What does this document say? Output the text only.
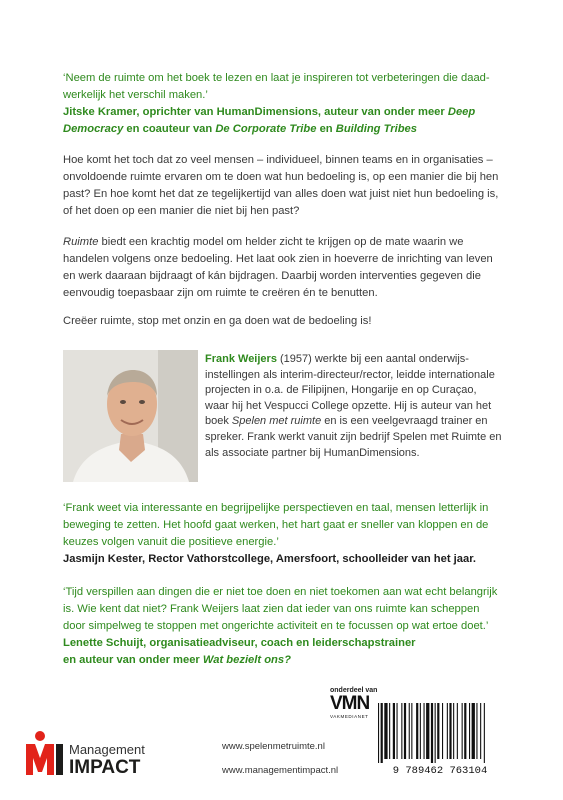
‘Neem de ruimte om het boek te lezen en laat je inspireren tot verbeteringen die daad-werkelijk het verschil maken.’
Jitske Kramer, oprichter van HumanDimensions, auteur van onder meer Deep Democracy en coauteur van De Corporate Tribe en Building Tribes
Hoe komt het toch dat zo veel mensen – individueel, binnen teams en in organisaties – onvoldoende ruimte ervaren om te doen wat hun bedoeling is, op een manier die bij hen past? En hoe komt het dat ze tegelijkertijd van alles doen wat juist niet hun bedoeling is, of het doen op een manier die niet bij hen past?
Ruimte biedt een krachtig model om helder zicht te krijgen op de mate waarin we handelen volgens onze bedoeling. Het laat ook zien in hoeverre de inrichting van leven en werk daaraan bijdraagt of kán bijdragen. Daarbij worden interventies gegeven die eenvoudig toepasbaar zijn om ruimte te creëren én te benutten.
Creëer ruimte, stop met onzin en ga doen wat de bedoeling is!
Frank Weijers (1957) werkte bij een aantal onderwijs-instellingen als interim-directeur/rector, leidde internationale projecten in o.a. de Filipijnen, Hongarije en op Curaçao, waar hij het Vespucci College opzette. Hij is auteur van het boek Spelen met ruimte en is een veelgevraagd trainer en spreker. Frank werkt vanuit zijn bedrijf Spelen met Ruimte en als associate partner bij HumanDimensions.
‘Frank weet via interessante en begrijpelijke perspectieven en taal, mensen letterlijk in beweging te zetten. Het hoofd gaat werken, het hart gaat er sneller van kloppen en de keuzes volgen vanuit die positieve energie.’
Jasmijn Kester, Rector Vathorstcollege, Amersfoort, schoolleider van het jaar.
‘Tijd verspillen aan dingen die er niet toe doen en niet toekomen aan wat echt belangrijk is. Wie kent dat niet? Frank Weijers laat zien dat ieder van ons ruimte kan scheppen door simpelweg te stoppen met ongerichte activiteit en te focussen op wat ertoe doet.’
Lenette Schuijt, organisatieadviseur, coach en leiderschapstrainer
en auteur van onder meer Wat bezielt ons?
onderdeel van
VMN
VAKMEDIANET
Management
IMPACT
www.spelenmetruimte.nl
www.managementimpact.nl	9 789462 763104
